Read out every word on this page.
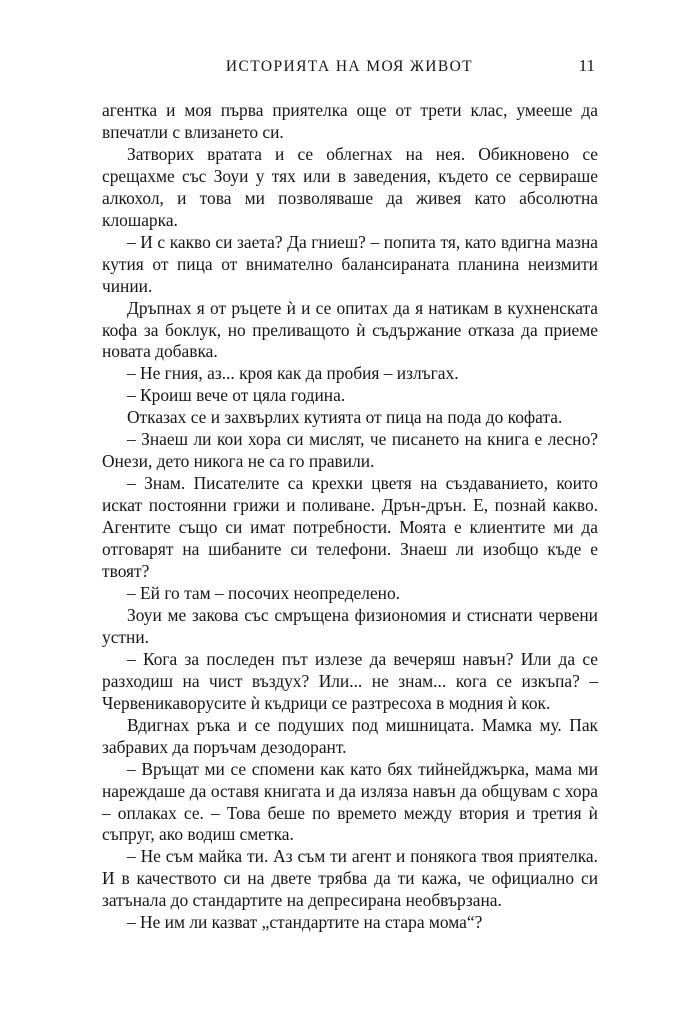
ИСТОРИЯТА НА МОЯ ЖИВОТ	11

агентка и моя първа приятелка още от трети клас, умееше да впечатли с влизането си.

Затворих вратата и се облегнах на нея. Обикновено се срещахме със Зоуи у тях или в заведения, където се сервираше алкохол, и това ми позволяваше да живея като абсолютна клошарка.

– И с какво си заета? Да гниеш? – попита тя, като вдигна мазна кутия от пица от внимателно балансираната планина неизмити чинии.

Дръпнах я от ръцете ѝ и се опитах да я натикам в кухненската кофа за боклук, но преливащото ѝ съдържание отказа да приеме новата добавка.

– Не гния, аз... кроя как да пробия – излъгах.

– Кроиш вече от цяла година.

Отказах се и захвърлих кутията от пица на пода до кофата.

– Знаеш ли кои хора си мислят, че писането на книга е лесно? Онези, дето никога не са го правили.

– Знам. Писателите са крехки цветя на създаванието, които искат постоянни грижи и поливане. Дрън-дрън. Е, познай какво. Агентите също си имат потребности. Моята е клиентите ми да отговарят на шибаните си телефони. Знаеш ли изобщо къде е твоят?

– Ей го там – посочих неопределено.

Зоуи ме закова със смръщена физиономия и стиснати червени устни.

– Кога за последен път излезе да вечеряш навън? Или да се разходиш на чист въздух? Или... не знам... кога се изкъпа? – Червеникаворусите ѝ къдрици се разтресоха в модния ѝ кок.

Вдигнах ръка и се подуших под мишницата. Мамка му. Пак забравих да поръчам дезодорант.

– Връщат ми се спомени как като бях тийнейджърка, мама ми нареждаше да оставя книгата и да изляза навън да общувам с хора – оплаках се. – Това беше по времето между втория и третия ѝ съпруг, ако водиш сметка.

– Не съм майка ти. Аз съм ти агент и понякога твоя приятелка. И в качеството си на двете трябва да ти кажа, че официално си затънала до стандартите на депресирана необвързана.

– Не им ли казват „стандартите на стара мома“?
